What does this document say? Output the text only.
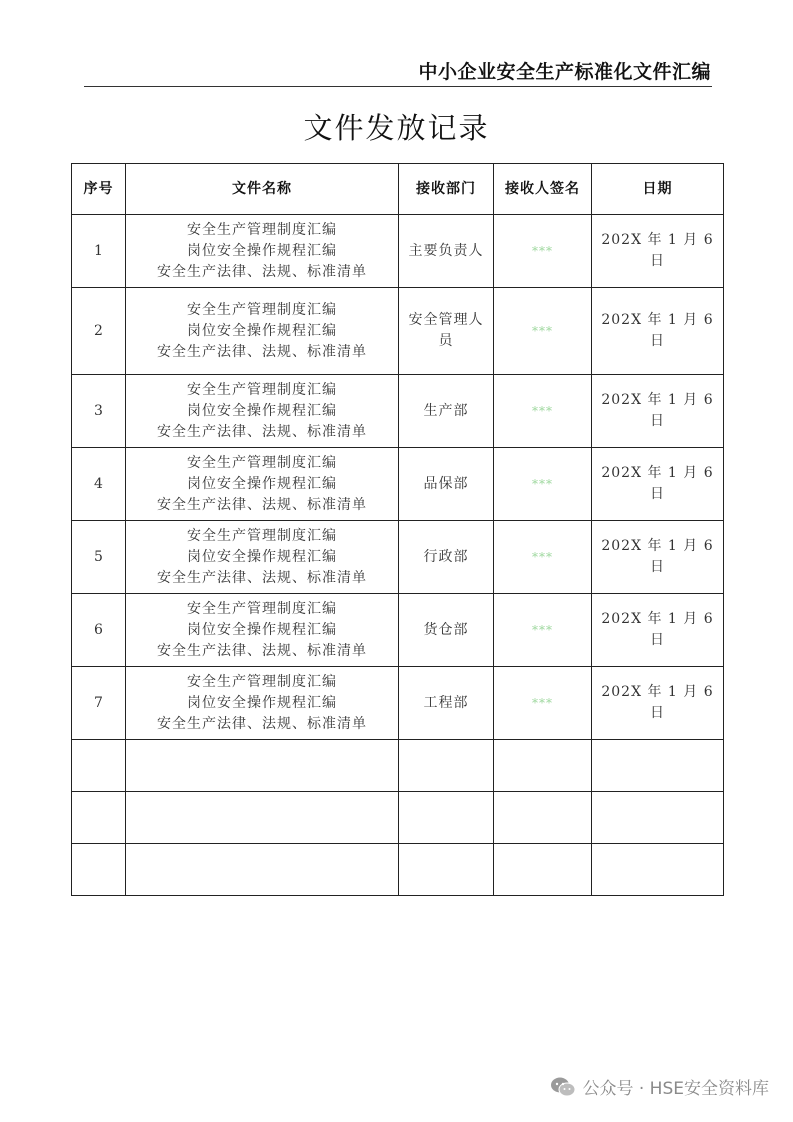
中小企业安全生产标准化文件汇编
文件发放记录
序号	文件名称	接收部门	接收人签名	日期
1	安全生产管理制度汇编
岗位安全操作规程汇编
安全生产法律、法规、标准清单	主要负责人	***	202X 年 1 月 6 日
2	安全生产管理制度汇编
岗位安全操作规程汇编
安全生产法律、法规、标准清单	安全管理人员	***	202X 年 1 月 6 日
3	安全生产管理制度汇编
岗位安全操作规程汇编
安全生产法律、法规、标准清单	生产部	***	202X 年 1 月 6 日
4	安全生产管理制度汇编
岗位安全操作规程汇编
安全生产法律、法规、标准清单	品保部	***	202X 年 1 月 6 日
5	安全生产管理制度汇编
岗位安全操作规程汇编
安全生产法律、法规、标准清单	行政部	***	202X 年 1 月 6 日
6	安全生产管理制度汇编
岗位安全操作规程汇编
安全生产法律、法规、标准清单	货仓部	***	202X 年 1 月 6 日
7	安全生产管理制度汇编
岗位安全操作规程汇编
安全生产法律、法规、标准清单	工程部	***	202X 年 1 月 6 日

公众号 · HSE安全资料库
